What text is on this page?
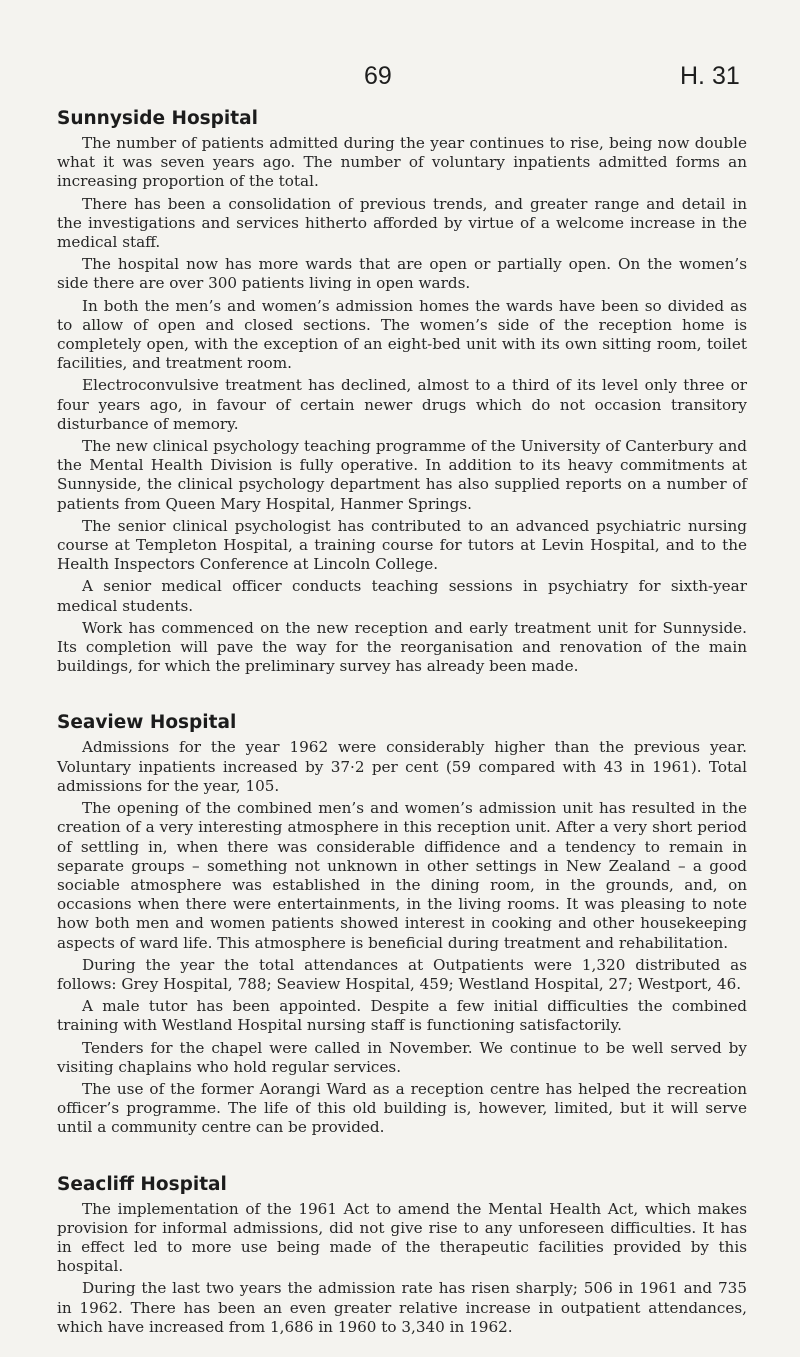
69	H. 31
Sunnyside Hospital

The number of patients admitted during the year continues to rise, being now double what it was seven years ago. The number of voluntary inpatients admitted forms an increasing proportion of the total.

There has been a consolidation of previous trends, and greater range and detail in the investigations and services hitherto afforded by virtue of a welcome increase in the medical staff.

The hospital now has more wards that are open or partially open. On the women’s side there are over 300 patients living in open wards.

In both the men’s and women’s admission homes the wards have been so divided as to allow of open and closed sections. The women’s side of the reception home is completely open, with the exception of an eight-bed unit with its own sitting room, toilet facilities, and treatment room.

Electroconvulsive treatment has declined, almost to a third of its level only three or four years ago, in favour of certain newer drugs which do not occasion transitory disturbance of memory.

The new clinical psychology teaching programme of the University of Canterbury and the Mental Health Division is fully operative. In addition to its heavy commitments at Sunnyside, the clinical psychology department has also supplied reports on a number of patients from Queen Mary Hospital, Hanmer Springs.

The senior clinical psychologist has contributed to an advanced psychiatric nursing course at Templeton Hospital, a training course for tutors at Levin Hospital, and to the Health Inspectors Conference at Lincoln College.

A senior medical officer conducts teaching sessions in psychiatry for sixth-year medical students.

Work has commenced on the new reception and early treatment unit for Sunnyside. Its completion will pave the way for the reorganisation and renovation of the main buildings, for which the preliminary survey has already been made.

Seaview Hospital

Admissions for the year 1962 were considerably higher than the previous year. Voluntary inpatients increased by 37·2 per cent (59 compared with 43 in 1961). Total admissions for the year, 105.

The opening of the combined men’s and women’s admission unit has resulted in the creation of a very interesting atmosphere in this reception unit. After a very short period of settling in, when there was considerable diffidence and a tendency to remain in separate groups – something not unknown in other settings in New Zealand – a good sociable atmosphere was established in the dining room, in the grounds, and, on occasions when there were entertainments, in the living rooms. It was pleasing to note how both men and women patients showed interest in cooking and other housekeeping aspects of ward life. This atmosphere is beneficial during treatment and rehabilitation.

During the year the total attendances at Outpatients were 1,320 distributed as follows: Grey Hospital, 788; Seaview Hospital, 459; Westland Hospital, 27; Westport, 46.

A male tutor has been appointed. Despite a few initial difficulties the combined training with Westland Hospital nursing staff is functioning satisfactorily.

Tenders for the chapel were called in November. We continue to be well served by visiting chaplains who hold regular services.

The use of the former Aorangi Ward as a reception centre has helped the recreation officer’s programme. The life of this old building is, however, limited, but it will serve until a community centre can be provided.

Seacliff Hospital

The implementation of the 1961 Act to amend the Mental Health Act, which makes provision for informal admissions, did not give rise to any unforeseen difficulties. It has in effect led to more use being made of the therapeutic facilities provided by this hospital.

During the last two years the admission rate has risen sharply; 506 in 1961 and 735 in 1962. There has been an even greater relative increase in outpatient attendances, which have increased from 1,686 in 1960 to 3,340 in 1962.
